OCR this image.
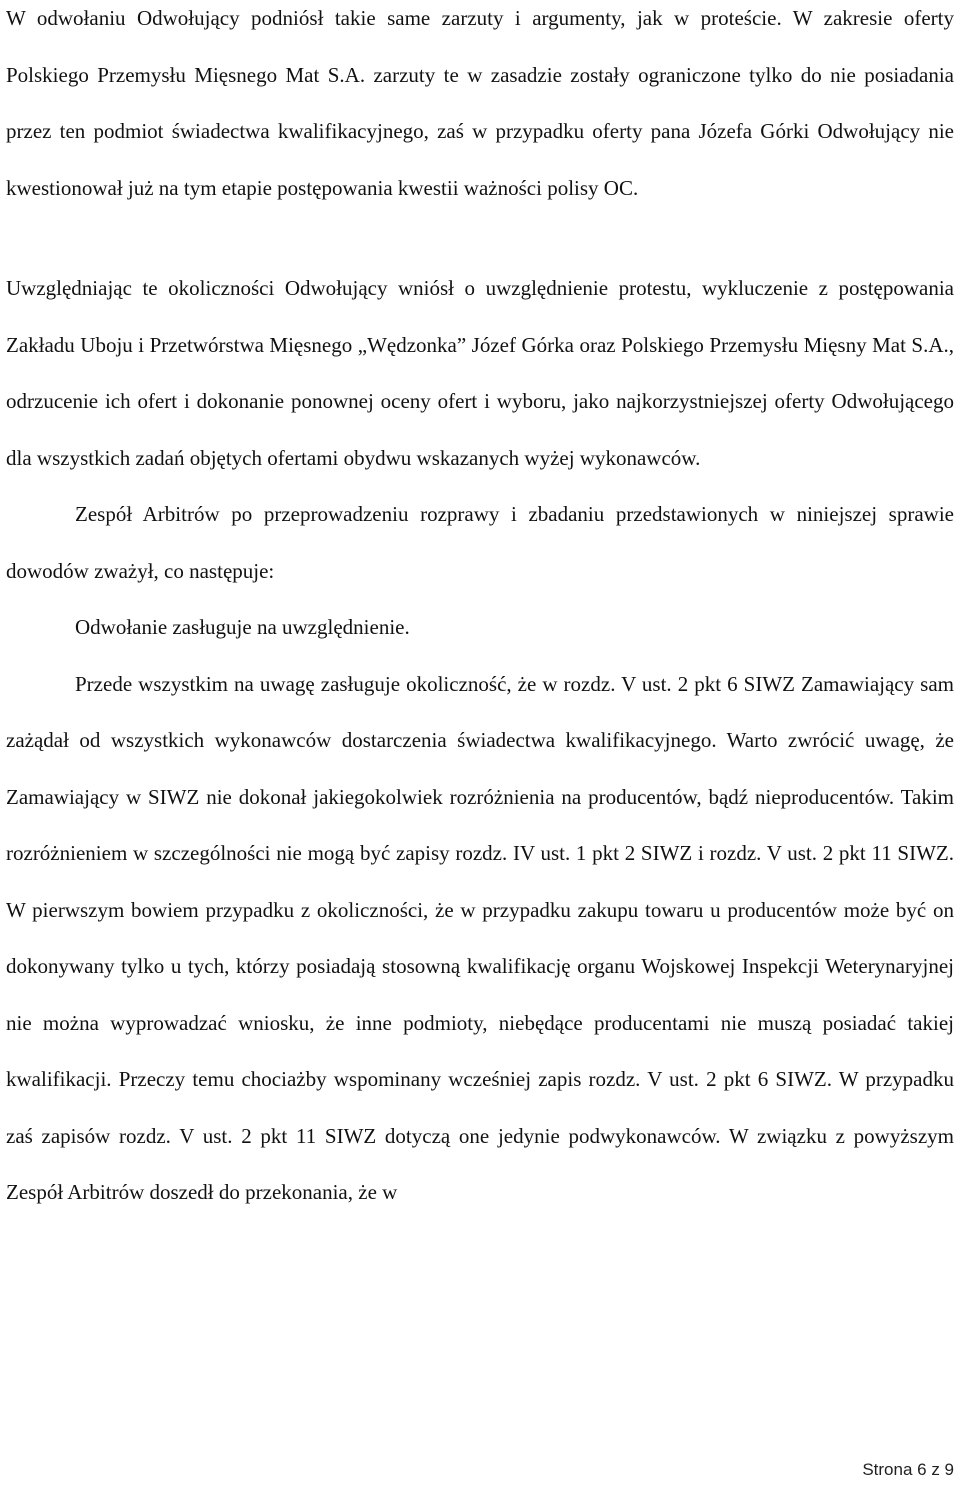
W odwołaniu Odwołujący podniósł takie same zarzuty i argumenty, jak w proteście. W zakresie oferty Polskiego Przemysłu Mięsnego Mat S.A. zarzuty te w zasadzie zostały ograniczone tylko do nie posiadania przez ten podmiot świadectwa kwalifikacyjnego, zaś w przypadku oferty pana Józefa Górki Odwołujący nie kwestionował już na tym etapie postępowania kwestii ważności polisy OC.

Uwzględniając te okoliczności Odwołujący wniósł o uwzględnienie protestu, wykluczenie z postępowania Zakładu Uboju i Przetwórstwa Mięsnego „Wędzonka” Józef Górka oraz Polskiego Przemysłu Mięsny Mat S.A., odrzucenie ich ofert i dokonanie ponownej oceny ofert i wyboru, jako najkorzystniejszej oferty Odwołującego dla wszystkich zadań objętych ofertami obydwu wskazanych wyżej wykonawców.

Zespół Arbitrów po przeprowadzeniu rozprawy i zbadaniu przedstawionych w niniejszej sprawie dowodów zważył, co następuje:

Odwołanie zasługuje na uwzględnienie.

Przede wszystkim na uwagę zasługuje okoliczność, że w rozdz. V ust. 2 pkt 6 SIWZ Zamawiający sam zażądał od wszystkich wykonawców dostarczenia świadectwa kwalifikacyjnego. Warto zwrócić uwagę, że Zamawiający w SIWZ nie dokonał jakiegokolwiek rozróżnienia na producentów, bądź nieproducentów. Takim rozróżnieniem w szczególności nie mogą być zapisy rozdz. IV ust. 1 pkt 2 SIWZ i rozdz. V ust. 2 pkt 11 SIWZ. W pierwszym bowiem przypadku z okoliczności, że w przypadku zakupu towaru u producentów może być on dokonywany tylko u tych, którzy posiadają stosowną kwalifikację organu Wojskowej Inspekcji Weterynaryjnej nie można wyprowadzać wniosku, że inne podmioty, niebędące producentami nie muszą posiadać takiej kwalifikacji. Przeczy temu chociażby wspominany wcześniej zapis rozdz. V ust. 2 pkt 6 SIWZ. W przypadku zaś zapisów rozdz. V ust. 2 pkt 11 SIWZ dotyczą one jedynie podwykonawców. W związku z powyższym Zespół Arbitrów doszedł do przekonania, że w

Strona 6 z 9
